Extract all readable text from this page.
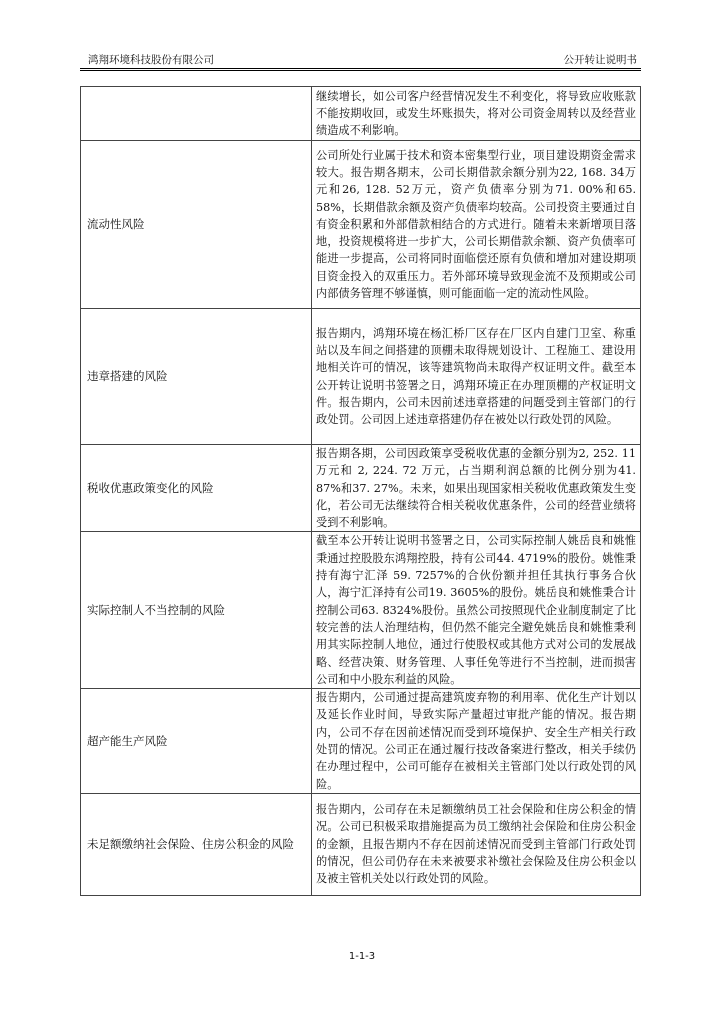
鸿翔环境科技股份有限公司	公开转让说明书
	继续增长，如公司客户经营情况发生不利变化，将导致应收账款不能按期收回，或发生坏账损失，将对公司资金周转以及经营业绩造成不利影响。
流动性风险	公司所处行业属于技术和资本密集型行业，项目建设期资金需求较大。报告期各期末，公司长期借款余额分别为22, 168. 34万元和26, 128. 52万元，资产负债率分别为71. 00%和65. 58%，长期借款余额及资产负债率均较高。公司投资主要通过自有资金积累和外部借款相结合的方式进行。随着未来新增项目落地，投资规模将进一步扩大，公司长期借款余额、资产负债率可能进一步提高，公司将同时面临偿还原有负债和增加对建设期项目资金投入的双重压力。若外部环境导致现金流不及预期或公司内部债务管理不够谨慎，则可能面临一定的流动性风险。
违章搭建的风险	报告期内，鸿翔环境在杨汇桥厂区存在厂区内自建门卫室、称重站以及车间之间搭建的顶棚未取得规划设计、工程施工、建设用地相关许可的情况，该等建筑物尚未取得产权证明文件。截至本公开转让说明书签署之日，鸿翔环境正在办理顶棚的产权证明文件。报告期内，公司未因前述违章搭建的问题受到主管部门的行政处罚。公司因上述违章搭建仍存在被处以行政处罚的风险。
税收优惠政策变化的风险	报告期各期，公司因政策享受税收优惠的金额分别为2, 252. 11 万元和 2, 224. 72 万元，占当期利润总额的比例分别为41. 87%和37. 27%。未来，如果出现国家相关税收优惠政策发生变化，若公司无法继续符合相关税收优惠条件，公司的经营业绩将受到不利影响。
实际控制人不当控制的风险	截至本公开转让说明书签署之日，公司实际控制人姚岳良和姚惟秉通过控股股东鸿翔控股，持有公司44. 4719%的股份。姚惟秉持有海宁汇泽 59. 7257%的合伙份额并担任其执行事务合伙人，海宁汇泽持有公司19. 3605%的股份。姚岳良和姚惟秉合计控制公司63. 8324%股份。虽然公司按照现代企业制度制定了比较完善的法人治理结构，但仍然不能完全避免姚岳良和姚惟秉利用其实际控制人地位，通过行使股权或其他方式对公司的发展战略、经营决策、财务管理、人事任免等进行不当控制，进而损害公司和中小股东利益的风险。
超产能生产风险	报告期内，公司通过提高建筑废弃物的利用率、优化生产计划以及延长作业时间，导致实际产量超过审批产能的情况。报告期内，公司不存在因前述情况而受到环境保护、安全生产相关行政处罚的情况。公司正在通过履行技改备案进行整改，相关手续仍在办理过程中，公司可能存在被相关主管部门处以行政处罚的风险。
未足额缴纳社会保险、住房公积金的风险	报告期内，公司存在未足额缴纳员工社会保险和住房公积金的情况。公司已积极采取措施提高为员工缴纳社会保险和住房公积金的金额，且报告期内不存在因前述情况而受到主管部门行政处罚的情况，但公司仍存在未来被要求补缴社会保险及住房公积金以及被主管机关处以行政处罚的风险。
1-1-3
